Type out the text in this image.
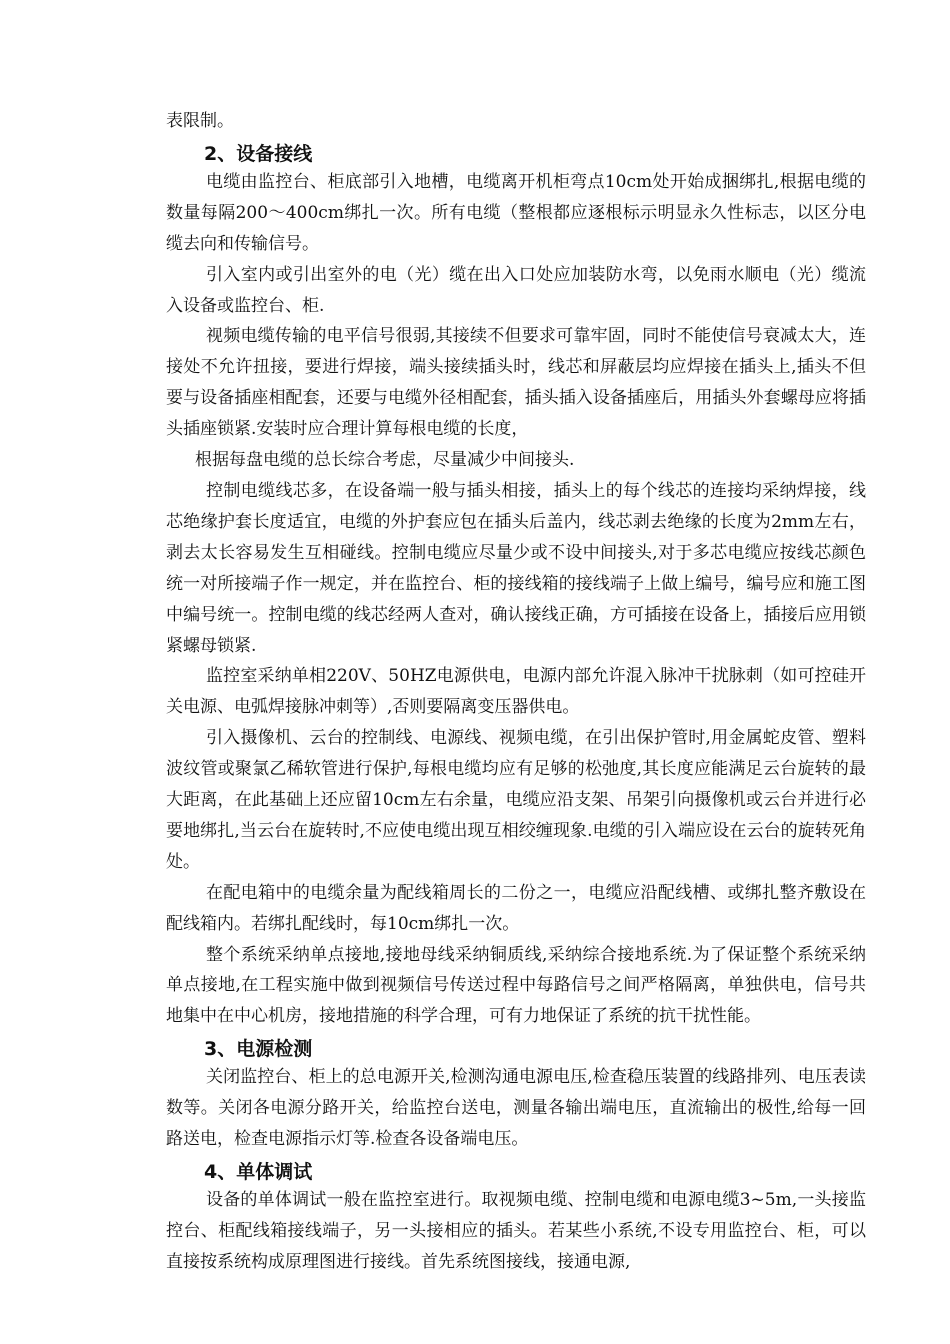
表限制。

2、设备接线

电缆由监控台、柜底部引入地槽，电缆离开机柜弯点10cm处开始成捆绑扎,根据电缆的数量每隔200～400cm绑扎一次。所有电缆（整根都应逐根标示明显永久性标志，以区分电缆去向和传输信号。

引入室内或引出室外的电（光）缆在出入口处应加装防水弯，以免雨水顺电（光）缆流入设备或监控台、柜.

视频电缆传输的电平信号很弱,其接续不但要求可靠牢固，同时不能使信号衰减太大，连接处不允许扭接，要进行焊接，端头接续插头时，线芯和屏蔽层均应焊接在插头上,插头不但要与设备插座相配套，还要与电缆外径相配套，插头插入设备插座后，用插头外套螺母应将插头插座锁紧.安装时应合理计算每根电缆的长度，

根据每盘电缆的总长综合考虑，尽量减少中间接头.

控制电缆线芯多，在设备端一般与插头相接，插头上的每个线芯的连接均采纳焊接，线芯绝缘护套长度适宜，电缆的外护套应包在插头后盖内，线芯剥去绝缘的长度为2mm左右，剥去太长容易发生互相碰线。控制电缆应尽量少或不设中间接头,对于多芯电缆应按线芯颜色统一对所接端子作一规定，并在监控台、柜的接线箱的接线端子上做上编号，编号应和施工图中编号统一。控制电缆的线芯经两人查对，确认接线正确，方可插接在设备上，插接后应用锁紧螺母锁紧.

监控室采纳单相220V、50HZ电源供电，电源内部允许混入脉冲干扰脉刺（如可控硅开关电源、电弧焊接脉冲刺等）,否则要隔离变压器供电。

引入摄像机、云台的控制线、电源线、视频电缆，在引出保护管时,用金属蛇皮管、塑料波纹管或聚氯乙稀软管进行保护,每根电缆均应有足够的松弛度,其长度应能满足云台旋转的最大距离，在此基础上还应留10cm左右余量，电缆应沿支架、吊架引向摄像机或云台并进行必要地绑扎,当云台在旋转时,不应使电缆出现互相绞缠现象.电缆的引入端应设在云台的旋转死角处。

在配电箱中的电缆余量为配线箱周长的二份之一，电缆应沿配线槽、或绑扎整齐敷设在配线箱内。若绑扎配线时，每10cm绑扎一次。

整个系统采纳单点接地,接地母线采纳铜质线,采纳综合接地系统.为了保证整个系统采纳单点接地,在工程实施中做到视频信号传送过程中每路信号之间严格隔离，单独供电，信号共地集中在中心机房，接地措施的科学合理，可有力地保证了系统的抗干扰性能。

3、电源检测

关闭监控台、柜上的总电源开关,检测沟通电源电压,检查稳压装置的线路排列、电压表读数等。关闭各电源分路开关，给监控台送电，测量各输出端电压，直流输出的极性,给每一回路送电，检查电源指示灯等.检查各设备端电压。

4、单体调试

设备的单体调试一般在监控室进行。取视频电缆、控制电缆和电源电缆3~5m,一头接监控台、柜配线箱接线端子，另一头接相应的插头。若某些小系统,不设专用监控台、柜，可以直接按系统构成原理图进行接线。首先系统图接线，接通电源,
